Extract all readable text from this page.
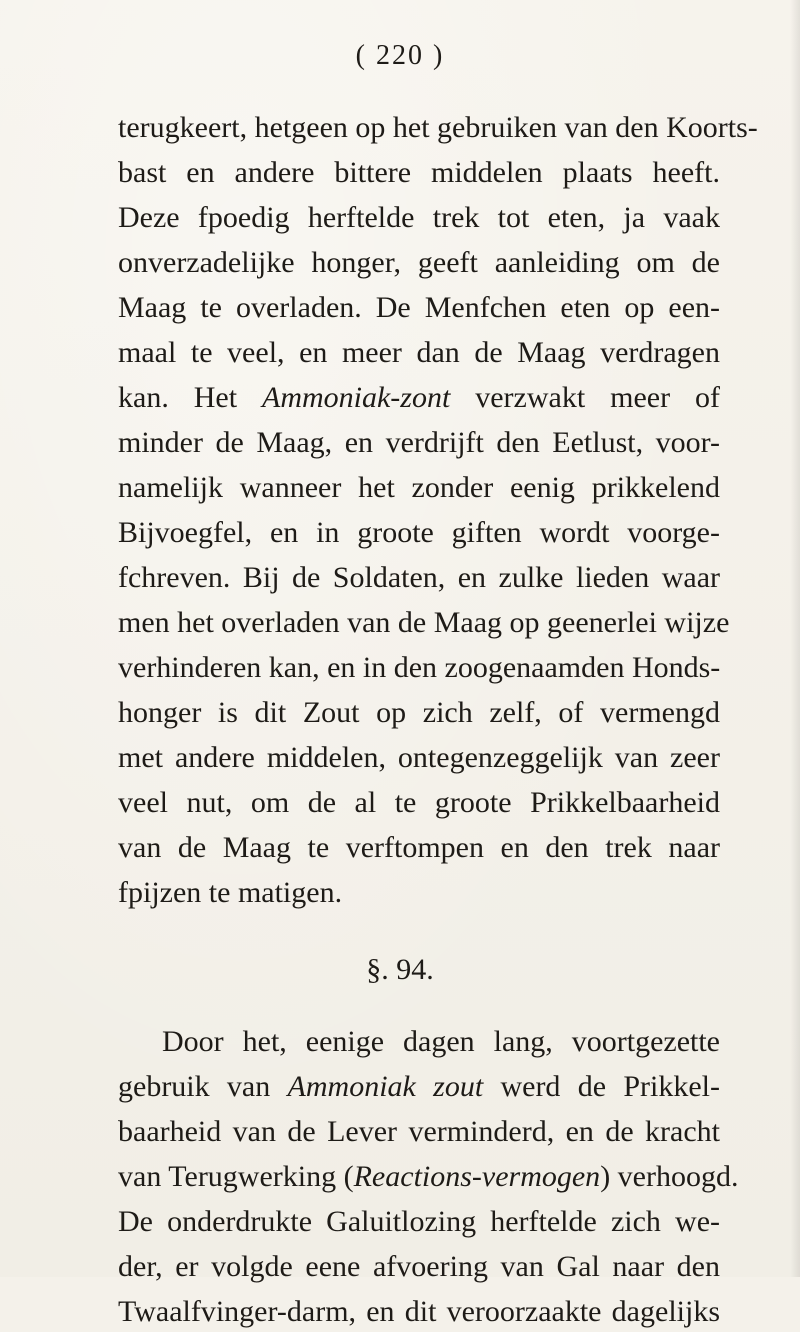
( 220 )
§. 94.
terugkeert, hetgeen op het gebruiken van den Koorts-
bast en andere bittere middelen plaats heeft.
Deze fpoedig herftelde trek tot eten, ja vaak
onverzadelijke honger, geeft aanleiding om de
Maag te overladen. De Menfchen eten op een-
maal te veel, en meer dan de Maag verdragen
kan. Het Ammoniak-zont verzwakt meer of
minder de Maag, en verdrijft den Eetlust, voor-
namelijk wanneer het zonder eenig prikkelend
Bijvoegfel, en in groote giften wordt voorge-
fchreven. Bij de Soldaten, en zulke lieden waar
men het overladen van de Maag op geenerlei wijze
verhinderen kan, en in den zoogenaamden Honds-
honger is dit Zout op zich zelf, of vermengd
met andere middelen, ontegenzeggelijk van zeer
veel nut, om de al te groote Prikkelbaarheid
van de Maag te verftompen en den trek naar
fpijzen te matigen.
Door het, eenige dagen lang, voortgezette
gebruik van Ammoniak zout werd de Prikkel-
baarheid van de Lever verminderd, en de kracht
van Terugwerking (Reactions-vermogen) verhoogd.
De onderdrukte Galuitlozing herftelde zich we-
der, er volgde eene afvoering van Gal naar den
Twaalfvinger-darm, en dit veroorzaakte dagelijks
